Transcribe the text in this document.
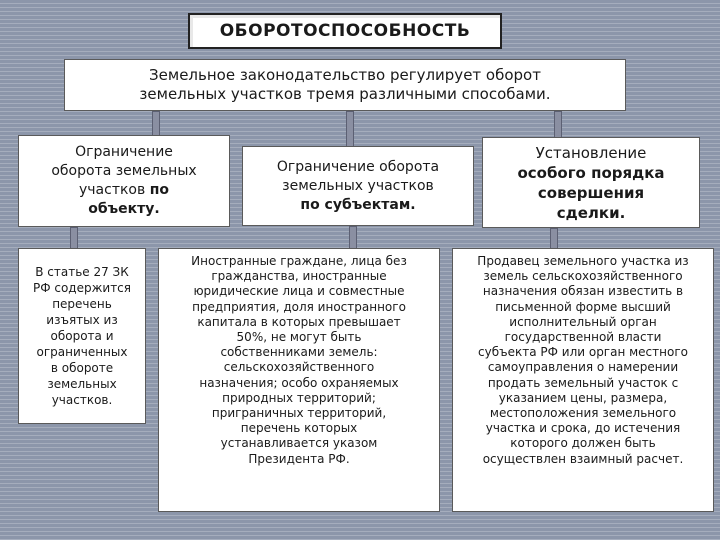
ОБОРОТОСПОСОБНОСТЬ
Земельное законодательство регулирует оборот
земельных участков тремя различными способами.
Ограничение
оборота земельных
участков по
объекту.
Ограничение оборота
земельных участков
по субъектам.
Установление
особого порядка
совершения
сделки.
В статье 27 ЗК
РФ содержится
перечень
изъятых из
оборота и
ограниченных
в обороте
земельных
участков.
Иностранные граждане, лица без
гражданства, иностранные
юридические лица и совместные
предприятия, доля иностранного
капитала в которых превышает
50%, не могут быть
собственниками земель:
сельскохозяйственного
назначения; особо охраняемых
природных территорий;
приграничных территорий,
перечень которых
устанавливается указом
Президента РФ.
Продавец земельного участка из
земель сельскохозяйственного
назначения обязан известить в
письменной форме высший
исполнительный орган
государственной власти
субъекта РФ или орган местного
самоуправления о намерении
продать земельный участок с
указанием цены, размера,
местоположения земельного
участка и срока, до истечения
которого должен быть
осуществлен взаимный расчет.
